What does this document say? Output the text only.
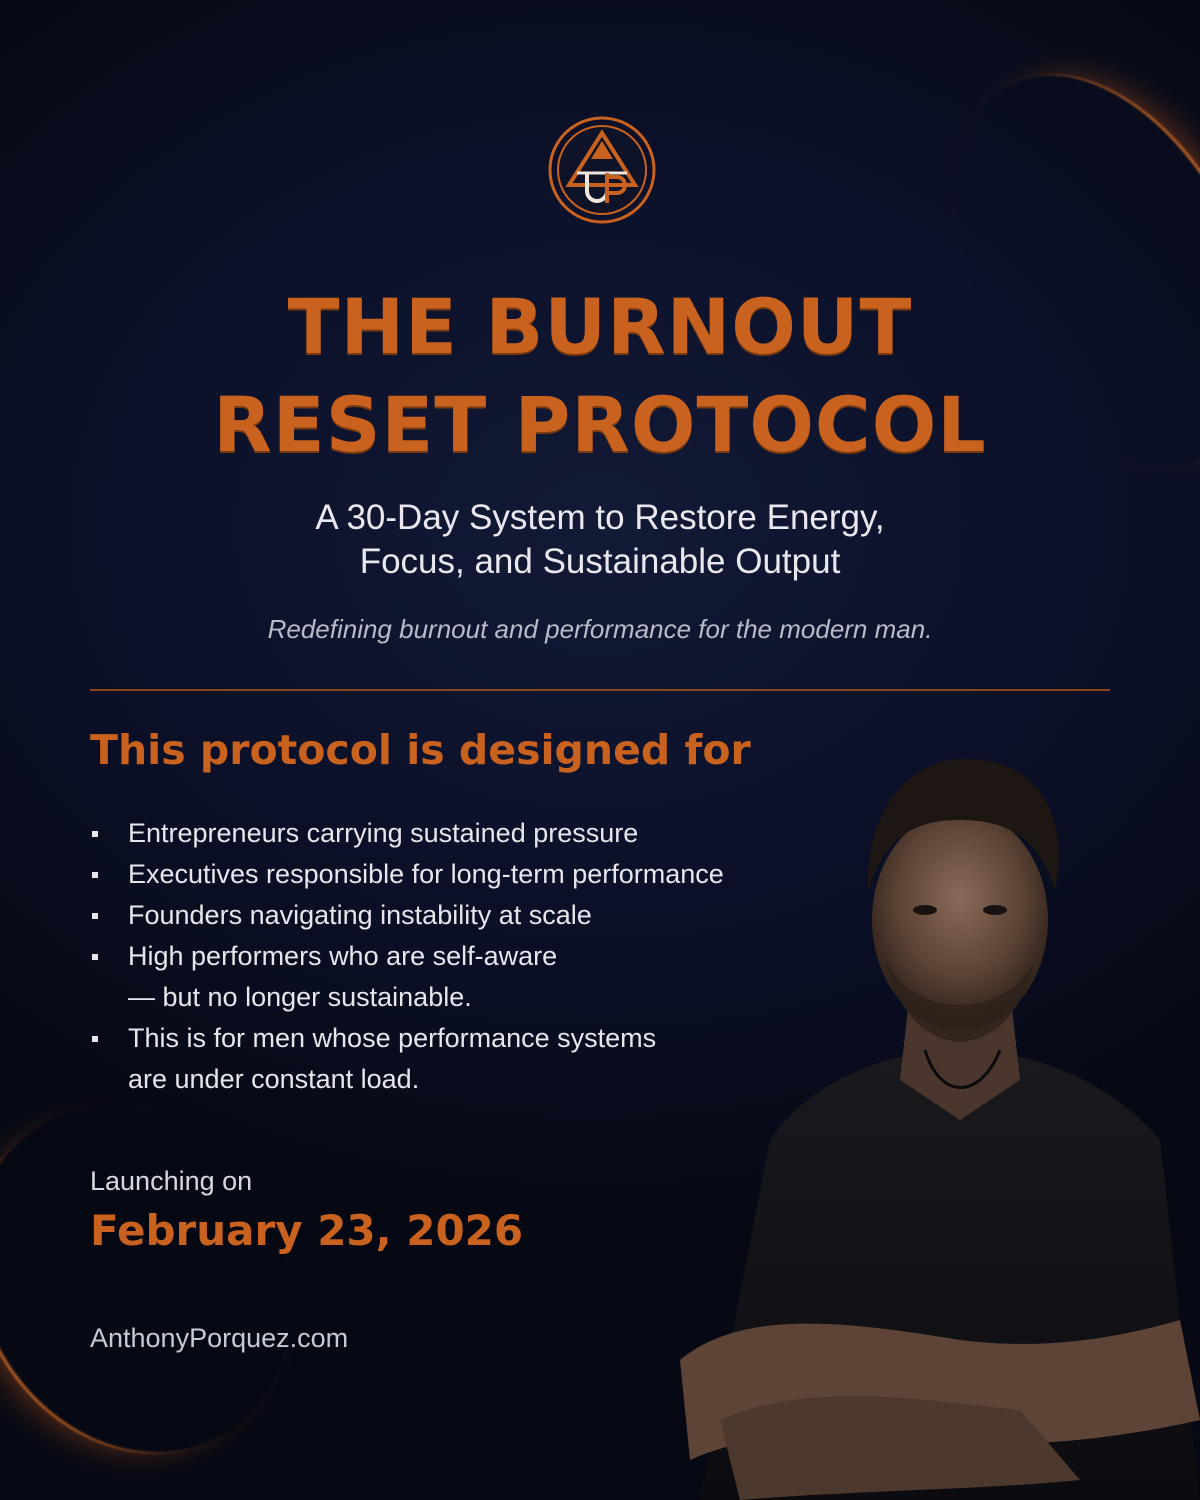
THE BURNOUT
RESET PROTOCOL
A 30-Day System to Restore Energy,
Focus, and Sustainable Output
Redefining burnout and performance for the modern man.
This protocol is designed for
Entrepreneurs carrying sustained pressure
Executives responsible for long-term performance
Founders navigating instability at scale
High performers who are self-aware
— but no longer sustainable.
This is for men whose performance systems
are under constant load.
Launching on
February 23, 2026
AnthonyPorquez.com
